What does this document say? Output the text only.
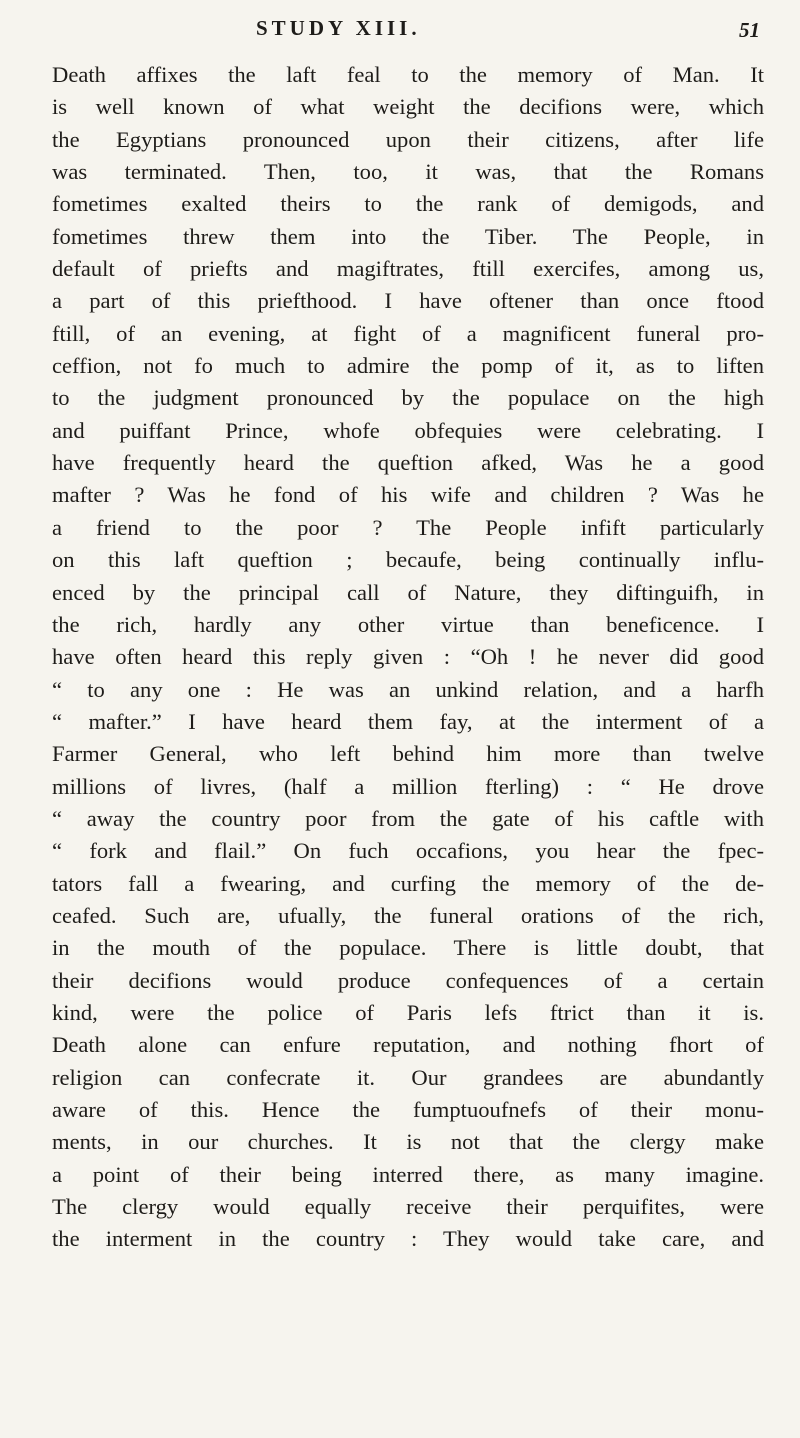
STUDY XIII.	51
Death affixes the laft feal to the memory of Man. It
is well known of what weight the decifions were, which
the Egyptians pronounced upon their citizens, after life
was terminated. Then, too, it was, that the Romans
fometimes exalted theirs to the rank of demigods, and
fometimes threw them into the Tiber. The People, in
default of priefts and magiftrates, ftill exercifes, among us,
a part of this priefthood. I have oftener than once ftood
ftill, of an evening, at fight of a magnificent funeral pro-
ceffion, not fo much to admire the pomp of it, as to liften
to the judgment pronounced by the populace on the high
and puiffant Prince, whofe obfequies were celebrating. I
have frequently heard the queftion afked, Was he a good
mafter ? Was he fond of his wife and children ? Was he
a friend to the poor ? The People infift particularly
on this laft queftion ; becaufe, being continually influ-
enced by the principal call of Nature, they diftinguifh, in
the rich, hardly any other virtue than beneficence. I
have often heard this reply given : “Oh ! he never did good
“ to any one : He was an unkind relation, and a harfh
“ mafter.” I have heard them fay, at the interment of a
Farmer General, who left behind him more than twelve
millions of livres, (half a million fterling) : “ He drove
“ away the country poor from the gate of his caftle with
“ fork and flail.” On fuch occafions, you hear the fpec-
tators fall a fwearing, and curfing the memory of the de-
ceafed. Such are, ufually, the funeral orations of the rich,
in the mouth of the populace. There is little doubt, that
their decifions would produce confequences of a certain
kind, were the police of Paris lefs ftrict than it is.
Death alone can enfure reputation, and nothing fhort of
religion can confecrate it. Our grandees are abundantly
aware of this. Hence the fumptuoufnefs of their monu-
ments, in our churches. It is not that the clergy make
a point of their being interred there, as many imagine.
The clergy would equally receive their perquifites, were
the interment in the country : They would take care, and
